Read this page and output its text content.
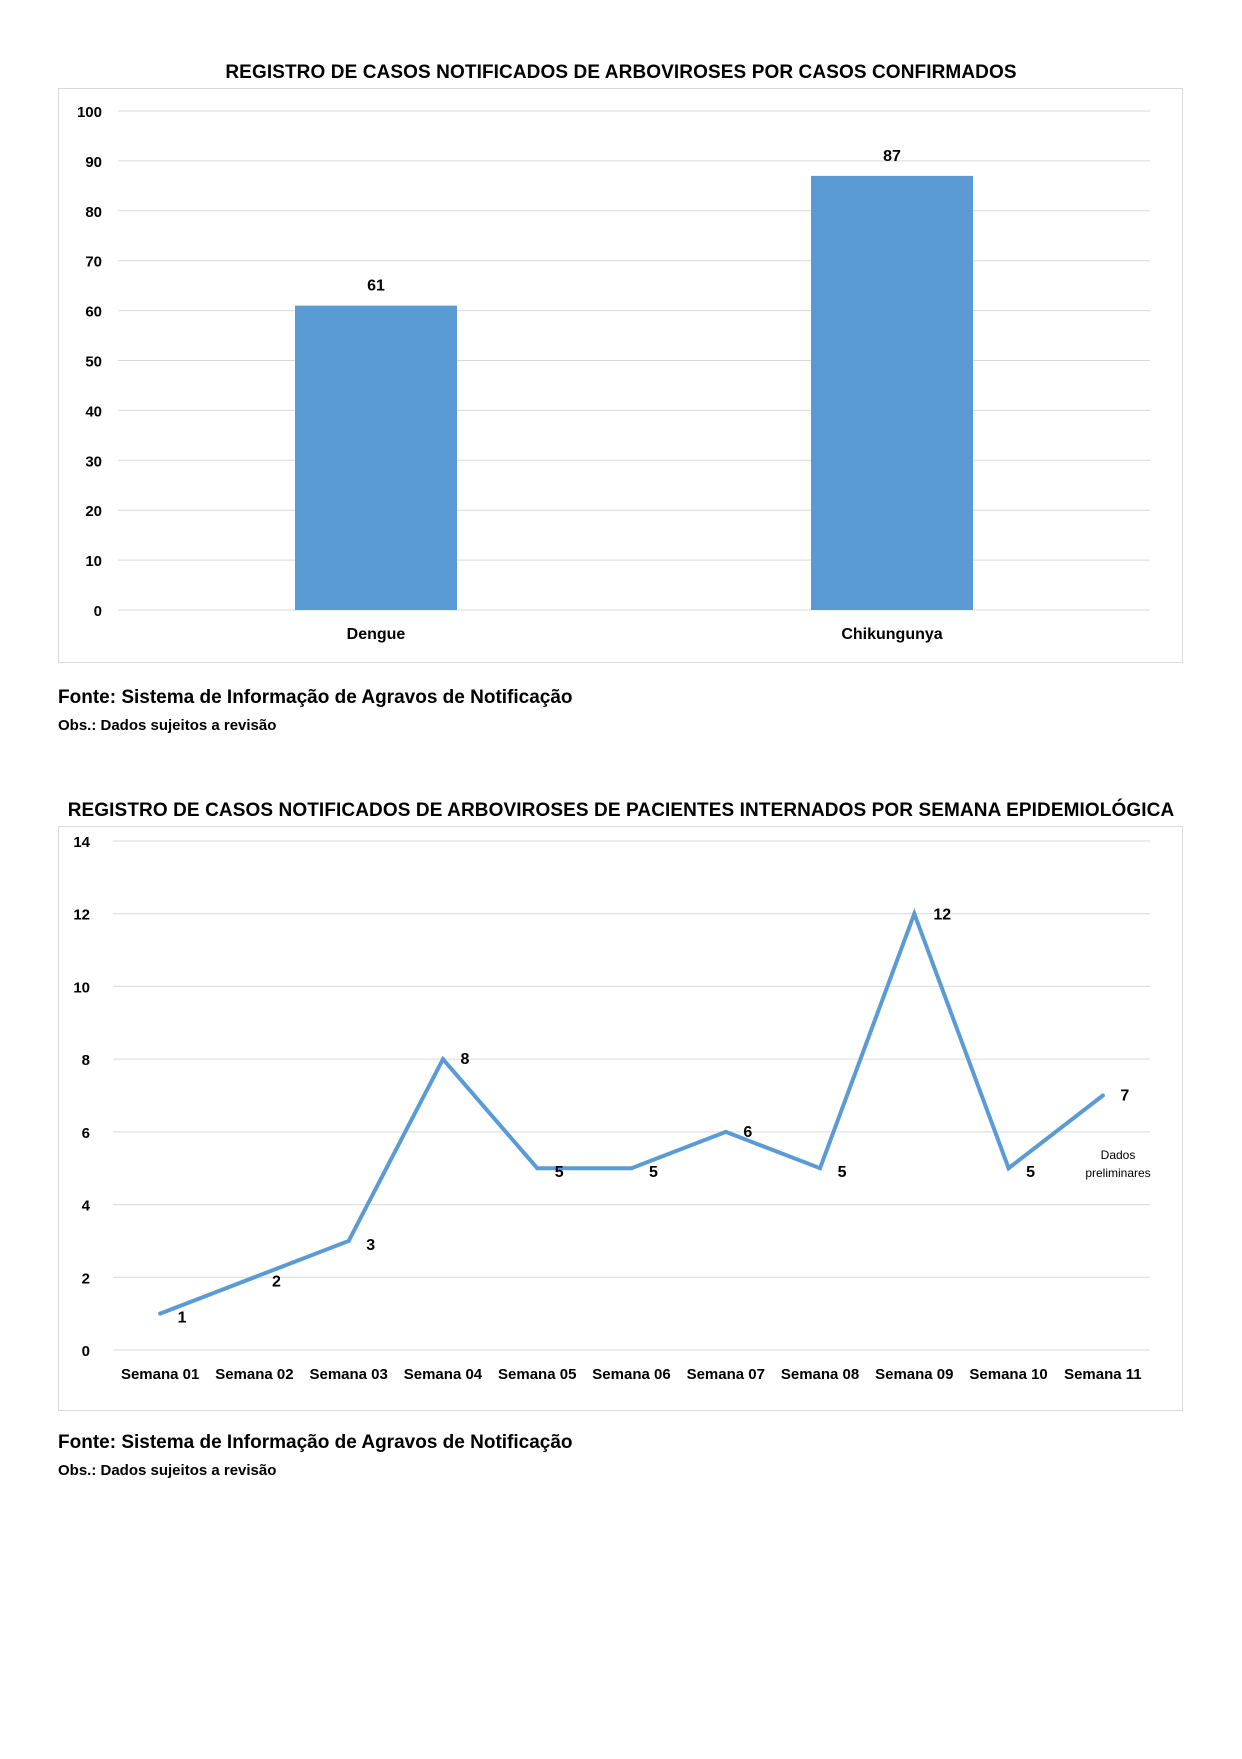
REGISTRO DE CASOS NOTIFICADOS DE ARBOVIROSES POR CASOS CONFIRMADOS
0
10
20
30
40
50
60
70
80
90
100
61
Dengue
87
Chikungunya
Fonte: Sistema de Informação de Agravos de Notificação
Obs.: Dados sujeitos a revisão
REGISTRO DE CASOS NOTIFICADOS DE ARBOVIROSES DE PACIENTES INTERNADOS POR SEMANA EPIDEMIOLÓGICA
0
2
4
6
8
10
12
14
1
Semana 01
2
Semana 02
3
Semana 03
8
Semana 04
5
Semana 05
5
Semana 06
6
Semana 07
5
Semana 08
12
Semana 09
5
Semana 10
7
Semana 11
Dados
preliminares
Fonte: Sistema de Informação de Agravos de Notificação
Obs.: Dados sujeitos a revisão
